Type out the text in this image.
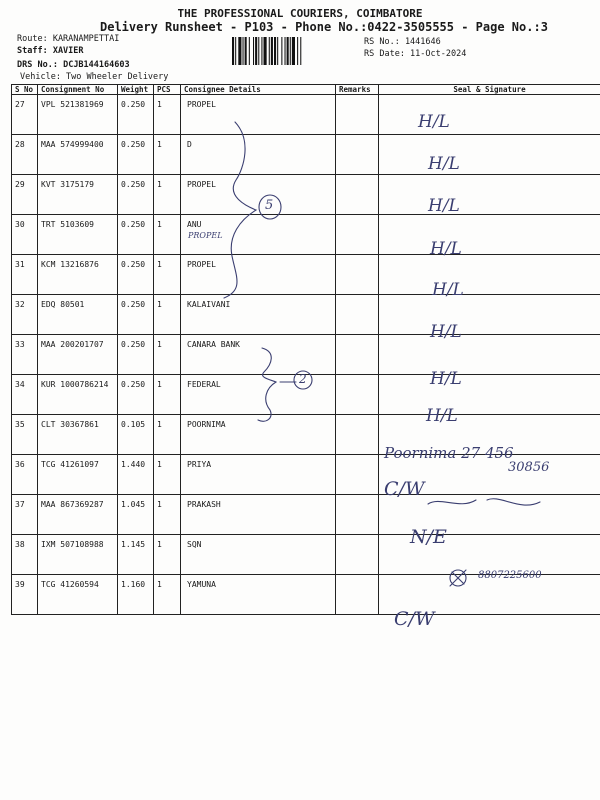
THE PROFESSIONAL COURIERS, COIMBATORE
Delivery Runsheet - P103 - Phone No.:0422-3505555 - Page No.:3
Route: KARANAMPETTAI
Staff: XAVIER
DRS No.: DCJB144164603
Vehicle: Two Wheeler Delivery
RS No.: 1441646
RS Date: 11-Oct-2024
S No	Consignment No	Weight	PCS	Consignee Details	Remarks	Seal & Signature
27	VPL 521381969	0.250	1	PROPEL		
28	MAA 574999400	0.250	1	D		
29	KVT 3175179	0.250	1	PROPEL		
30	TRT 5103609	0.250	1	ANU		
31	KCM 13216876	0.250	1	PROPEL		
32	EDQ 80501	0.250	1	KALAIVANI		
33	MAA 200201707	0.250	1	CANARA BANK		
34	KUR 1000786214	0.250	1	FEDERAL		
35	CLT 30367861	0.105	1	POORNIMA		
36	TCG 41261097	1.440	1	PRIYA		
37	MAA 867369287	1.045	1	PRAKASH		
38	IXM 507108988	1.145	1	SQN		
39	TCG 41260594	1.160	1	YAMUNA		
H/L
H/L
H/L
H/L
H/L
H/L
H/L
H/L
PROPEL
5
2
Poornima 27 456
30856
C/W
N/E
8807225600
C/W
